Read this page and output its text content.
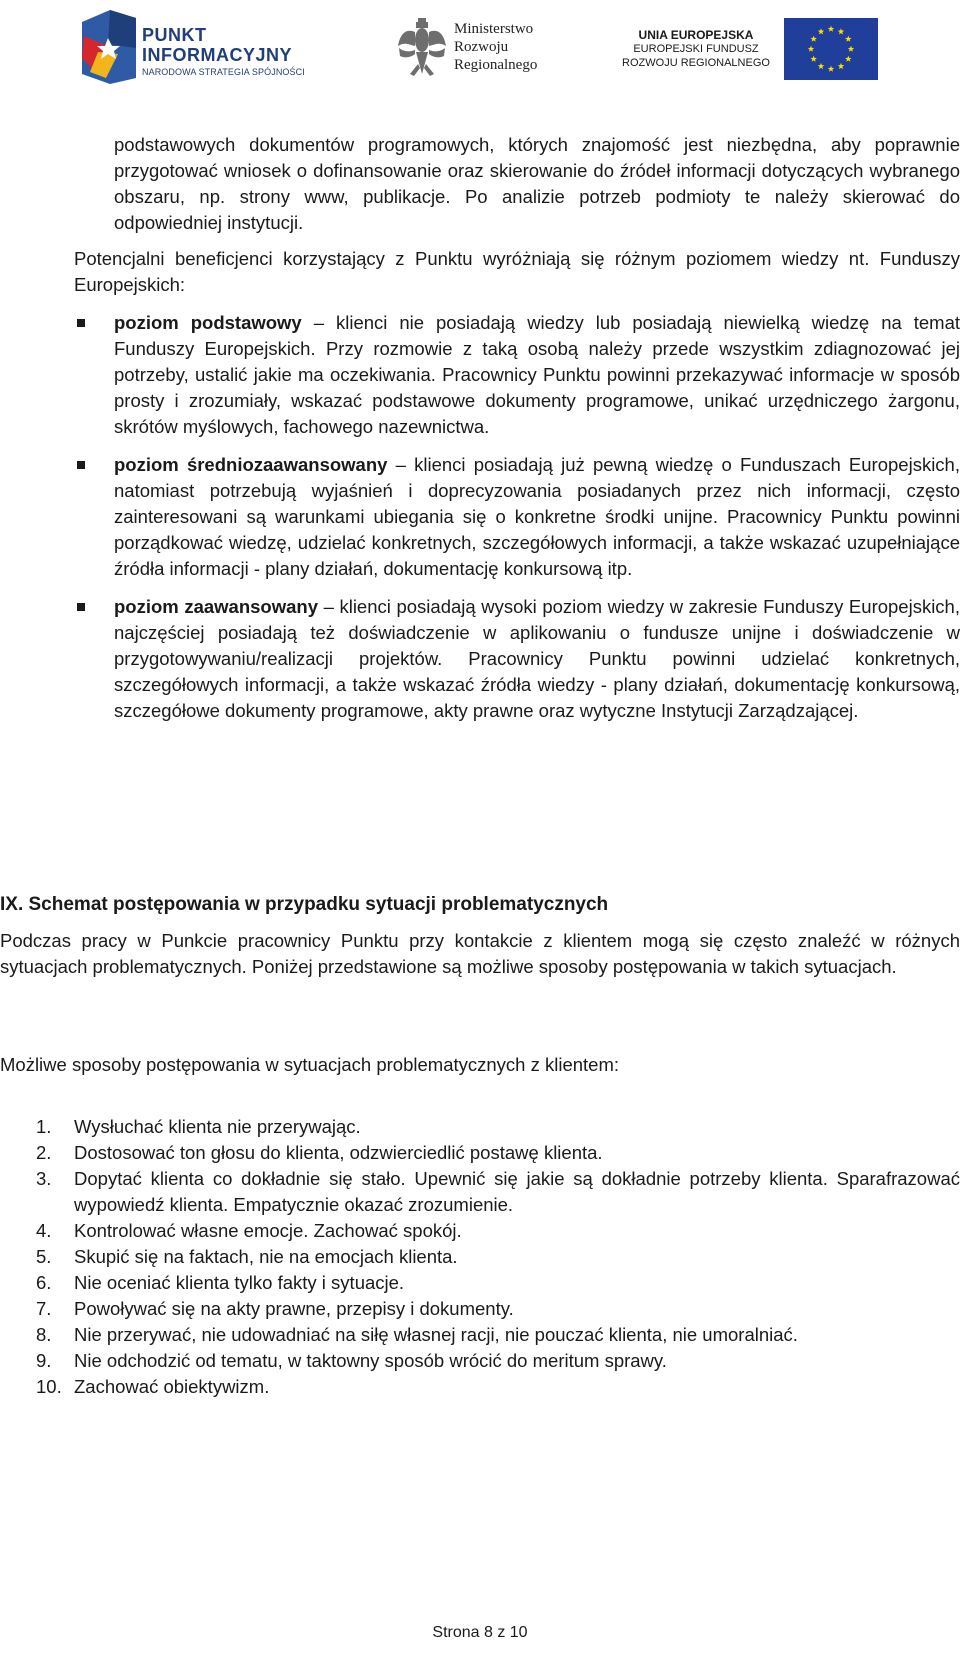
PUNKT
INFORMACYJNY
NARODOWA STRATEGIA SPÓJNOŚCI
Ministerstwo
Rozwoju
Regionalnego
UNIA EUROPEJSKA
EUROPEJSKI FUNDUSZ
ROZWOJU REGIONALNEGO
podstawowych dokumentów programowych, których znajomość jest niezbędna, aby poprawnie przygotować wniosek o dofinansowanie oraz skierowanie do źródeł informacji dotyczących wybranego obszaru, np. strony www, publikacje. Po analizie potrzeb podmioty te należy skierować do odpowiedniej instytucji.
Potencjalni beneficjenci korzystający z Punktu wyróżniają się różnym poziomem wiedzy nt. Funduszy Europejskich:
poziom podstawowy – klienci nie posiadają wiedzy lub posiadają niewielką wiedzę na temat Funduszy Europejskich. Przy rozmowie z taką osobą należy przede wszystkim zdiagnozować jej potrzeby, ustalić jakie ma oczekiwania. Pracownicy Punktu powinni przekazywać informacje w sposób prosty i zrozumiały, wskazać podstawowe dokumenty programowe, unikać urzędniczego żargonu, skrótów myślowych, fachowego nazewnictwa.
poziom średniozaawansowany – klienci posiadają już pewną wiedzę o Funduszach Europejskich, natomiast potrzebują wyjaśnień i doprecyzowania posiadanych przez nich informacji, często zainteresowani są warunkami ubiegania się o konkretne środki unijne. Pracownicy Punktu powinni porządkować wiedzę, udzielać konkretnych, szczegółowych informacji, a także wskazać uzupełniające źródła informacji - plany działań, dokumentację konkursową itp.
poziom zaawansowany – klienci posiadają wysoki poziom wiedzy w zakresie Funduszy Europejskich, najczęściej posiadają też doświadczenie w aplikowaniu o fundusze unijne i doświadczenie w przygotowywaniu/realizacji projektów. Pracownicy Punktu powinni udzielać konkretnych, szczegółowych informacji, a także wskazać źródła wiedzy - plany działań, dokumentację konkursową, szczegółowe dokumenty programowe, akty prawne oraz wytyczne Instytucji Zarządzającej.
IX. Schemat postępowania w przypadku sytuacji problematycznych
Podczas pracy w Punkcie pracownicy Punktu przy kontakcie z klientem mogą się często znaleźć w różnych sytuacjach problematycznych. Poniżej przedstawione są możliwe sposoby postępowania w takich sytuacjach.
Możliwe sposoby postępowania w sytuacjach problematycznych z klientem:
1.	Wysłuchać klienta nie przerywając.
2.	Dostosować ton głosu do klienta, odzwierciedlić postawę klienta.
3.	Dopytać klienta co dokładnie się stało. Upewnić się jakie są dokładnie potrzeby klienta. Sparafrazować wypowiedź klienta. Empatycznie okazać zrozumienie.
4.	Kontrolować własne emocje. Zachować spokój.
5.	Skupić się na faktach, nie na emocjach klienta.
6.	Nie oceniać klienta tylko fakty i sytuacje.
7.	Powoływać się na akty prawne, przepisy i dokumenty.
8.	Nie przerywać, nie udowadniać na siłę własnej racji, nie pouczać klienta, nie umoralniać.
9.	Nie odchodzić od tematu, w taktowny sposób wrócić do meritum sprawy.
10. Zachować obiektywizm.
Strona 8 z 10
